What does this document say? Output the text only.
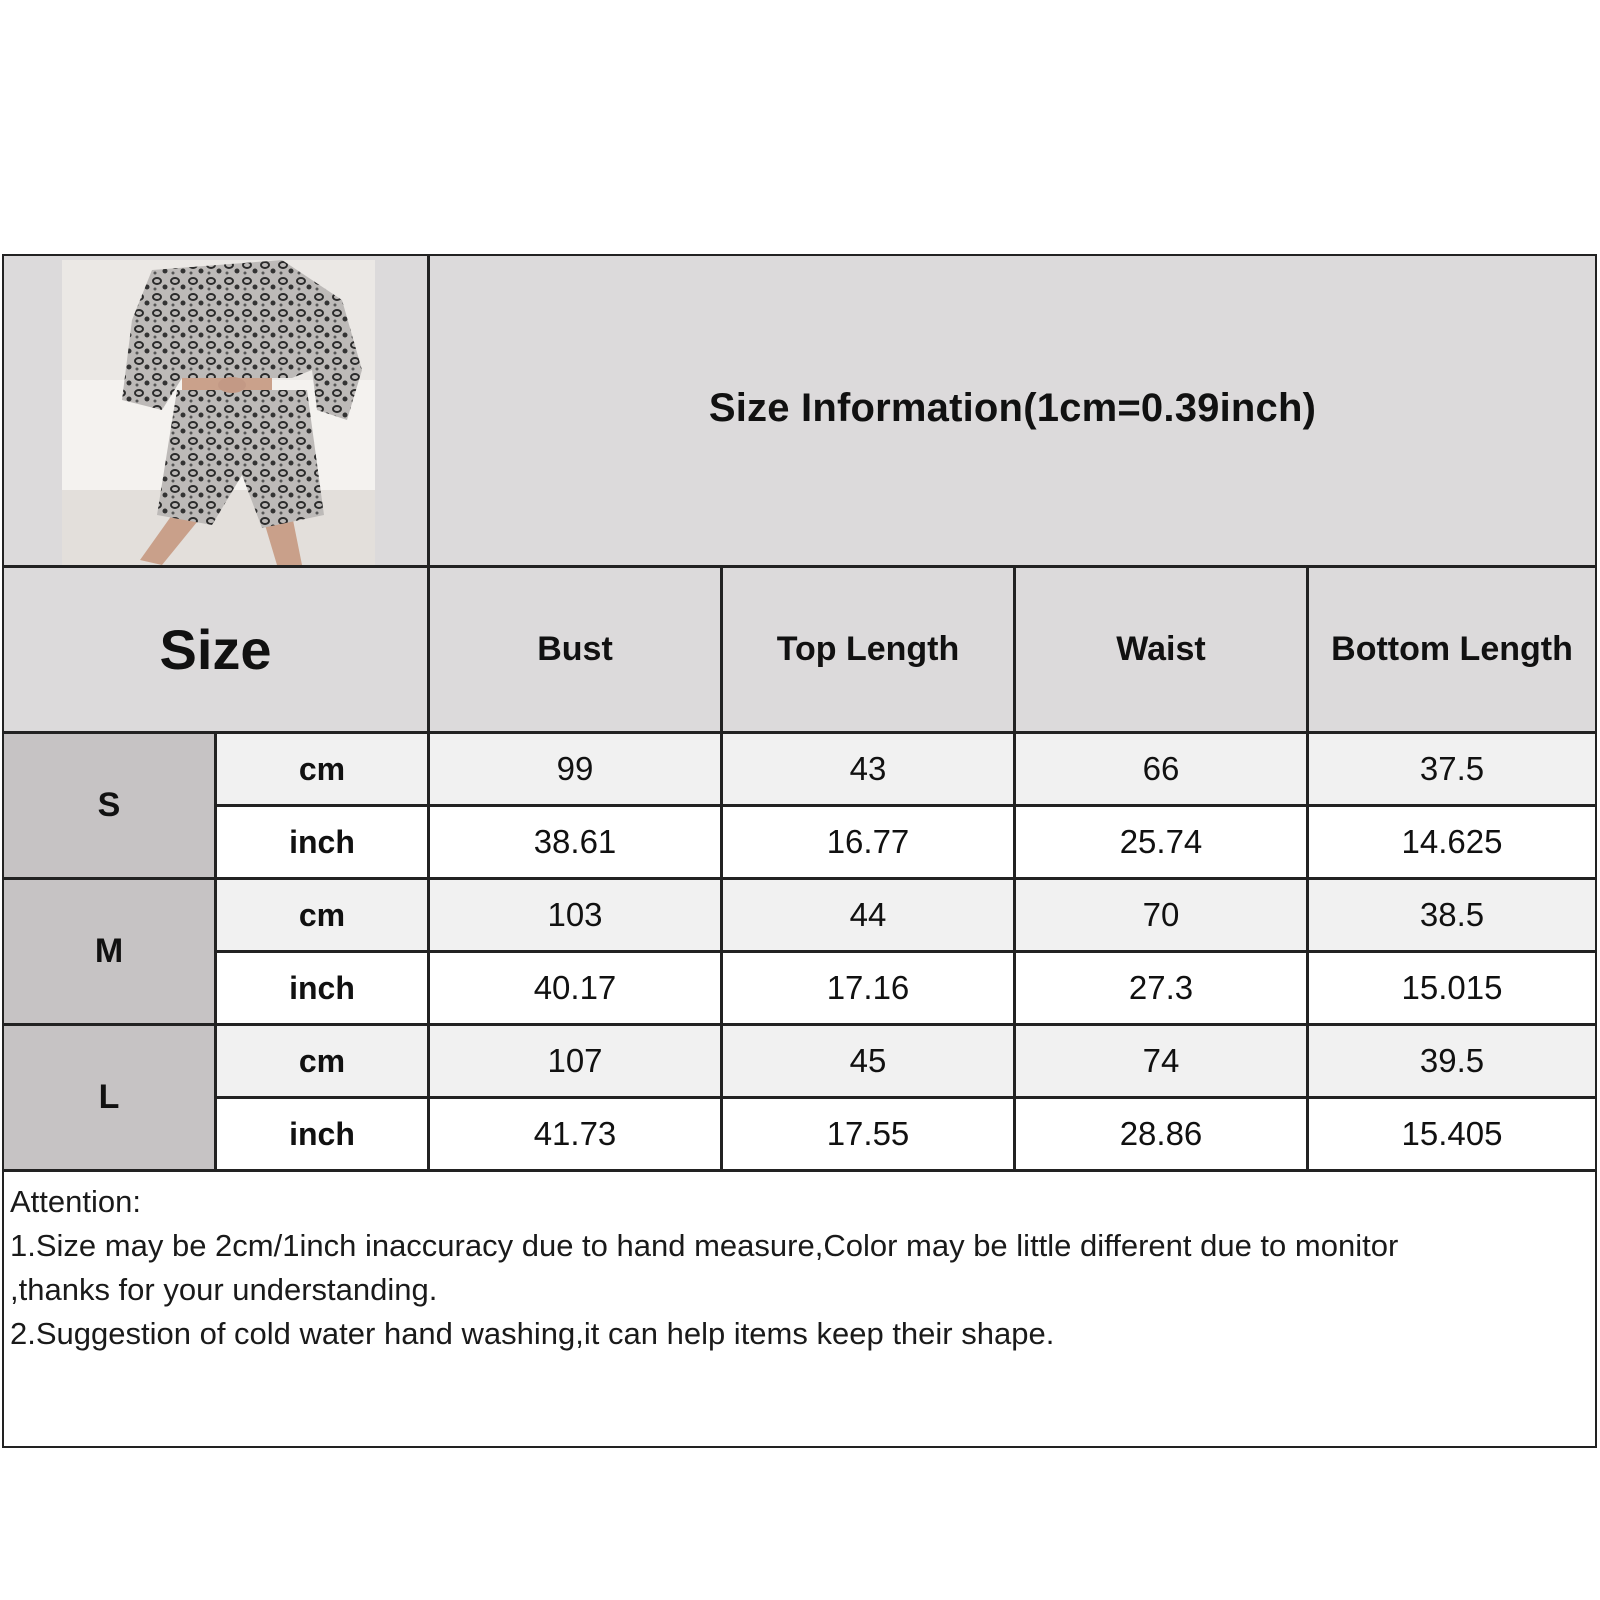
Size Information(1cm=0.39inch)
Size	Bust	Top Length	Waist	Bottom Length
S
cm	99	43	66	37.5
inch	38.61	16.77	25.74	14.625
M
cm	103	44	70	38.5
inch	40.17	17.16	27.3	15.015
L
cm	107	45	74	39.5
inch	41.73	17.55	28.86	15.405
Attention:
1.Size may be 2cm/1inch inaccuracy due to hand measure,Color may be little different due to monitor
,thanks for your understanding.
2.Suggestion of cold water hand washing,it can help items keep their shape.
